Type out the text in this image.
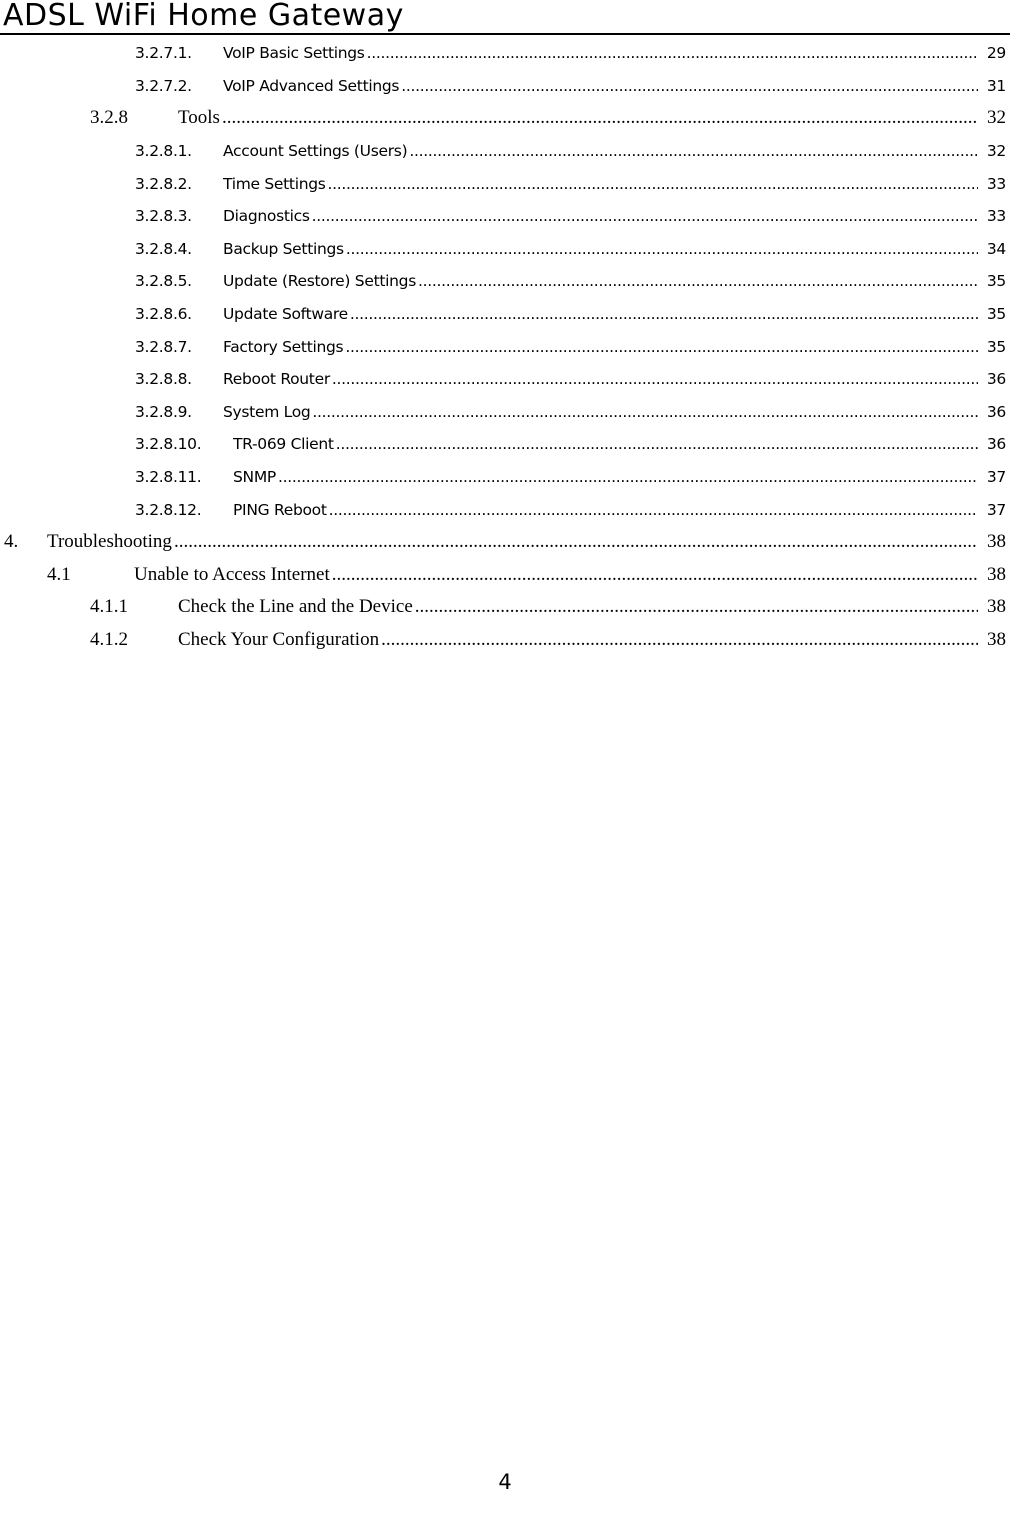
ADSL WiFi Home Gateway
3.2.7.1. VoIP Basic Settings .....	29
3.2.7.2. VoIP Advanced Settings .....	31
3.2.8	Tools .....	32
3.2.8.1. Account Settings (Users) .....	32
3.2.8.2. Time Settings .....	33
3.2.8.3. Diagnostics .....	33
3.2.8.4. Backup Settings .....	34
3.2.8.5. Update (Restore) Settings .....	35
3.2.8.6. Update Software .....	35
3.2.8.7. Factory Settings .....	35
3.2.8.8. Reboot Router .....	36
3.2.8.9. System Log .....	36
3.2.8.10. TR-069 Client .....	36
3.2.8.11. SNMP .....	37
3.2.8.12. PING Reboot .....	37
4. Troubleshooting .....	38
4.1	Unable to Access Internet .....	38
4.1.1	Check the Line and the Device .....	38
4.1.2	Check Your Configuration .....	38
4
